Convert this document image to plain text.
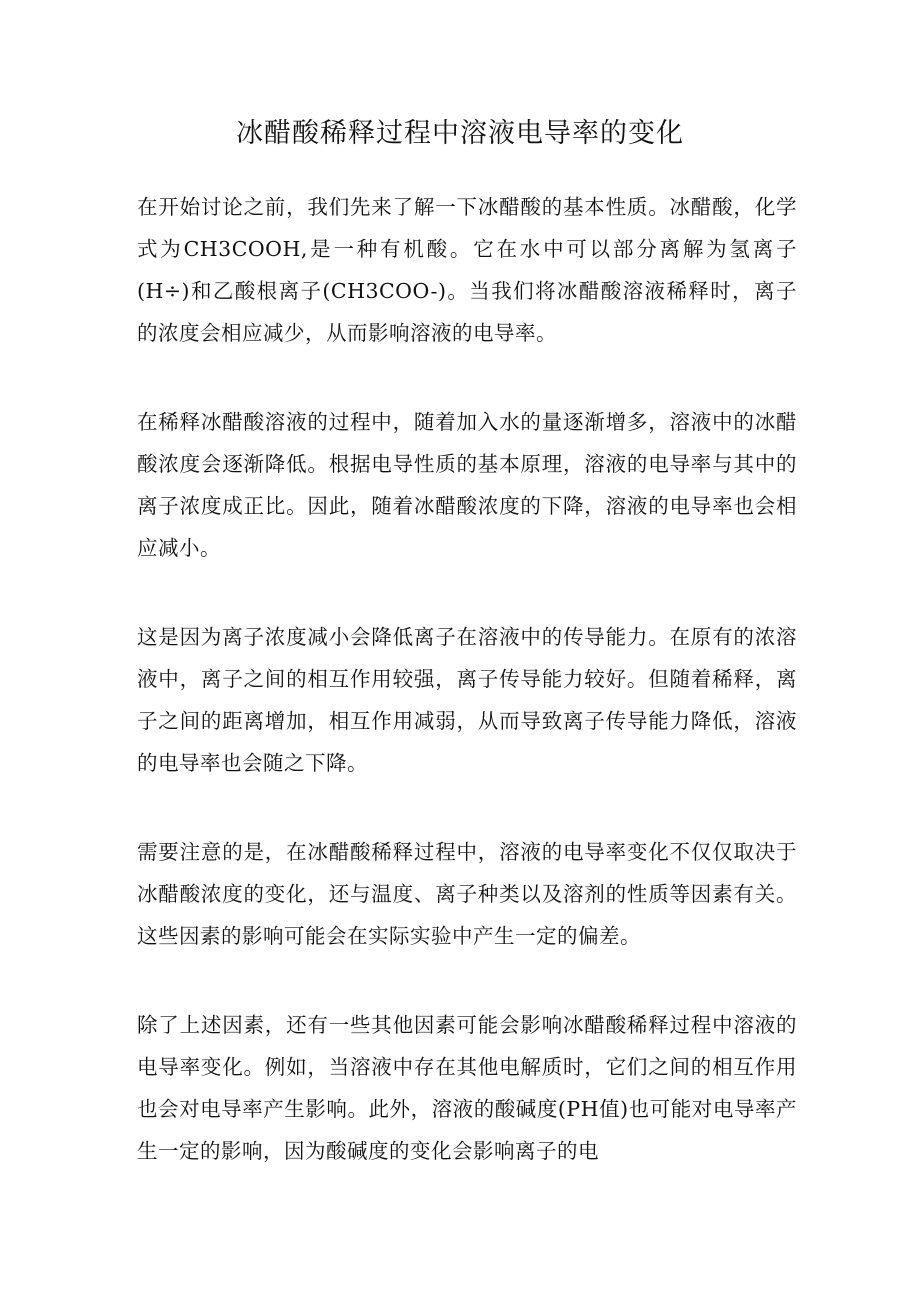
冰醋酸稀释过程中溶液电导率的变化

在开始讨论之前，我们先来了解一下冰醋酸的基本性质。冰醋酸，化学式为CH3COOH,是一种有机酸。它在水中可以部分离解为氢离子(H÷)和乙酸根离子(CH3COO-)。当我们将冰醋酸溶液稀释时，离子的浓度会相应减少，从而影响溶液的电导率。

在稀释冰醋酸溶液的过程中，随着加入水的量逐渐增多，溶液中的冰醋酸浓度会逐渐降低。根据电导性质的基本原理，溶液的电导率与其中的离子浓度成正比。因此，随着冰醋酸浓度的下降，溶液的电导率也会相应减小。

这是因为离子浓度减小会降低离子在溶液中的传导能力。在原有的浓溶液中，离子之间的相互作用较强，离子传导能力较好。但随着稀释，离子之间的距离增加，相互作用减弱，从而导致离子传导能力降低，溶液的电导率也会随之下降。

需要注意的是，在冰醋酸稀释过程中，溶液的电导率变化不仅仅取决于冰醋酸浓度的变化，还与温度、离子种类以及溶剂的性质等因素有关。这些因素的影响可能会在实际实验中产生一定的偏差。

除了上述因素，还有一些其他因素可能会影响冰醋酸稀释过程中溶液的电导率变化。例如，当溶液中存在其他电解质时，它们之间的相互作用也会对电导率产生影响。此外，溶液的酸碱度(PH值)也可能对电导率产生一定的影响，因为酸碱度的变化会影响离子的电
